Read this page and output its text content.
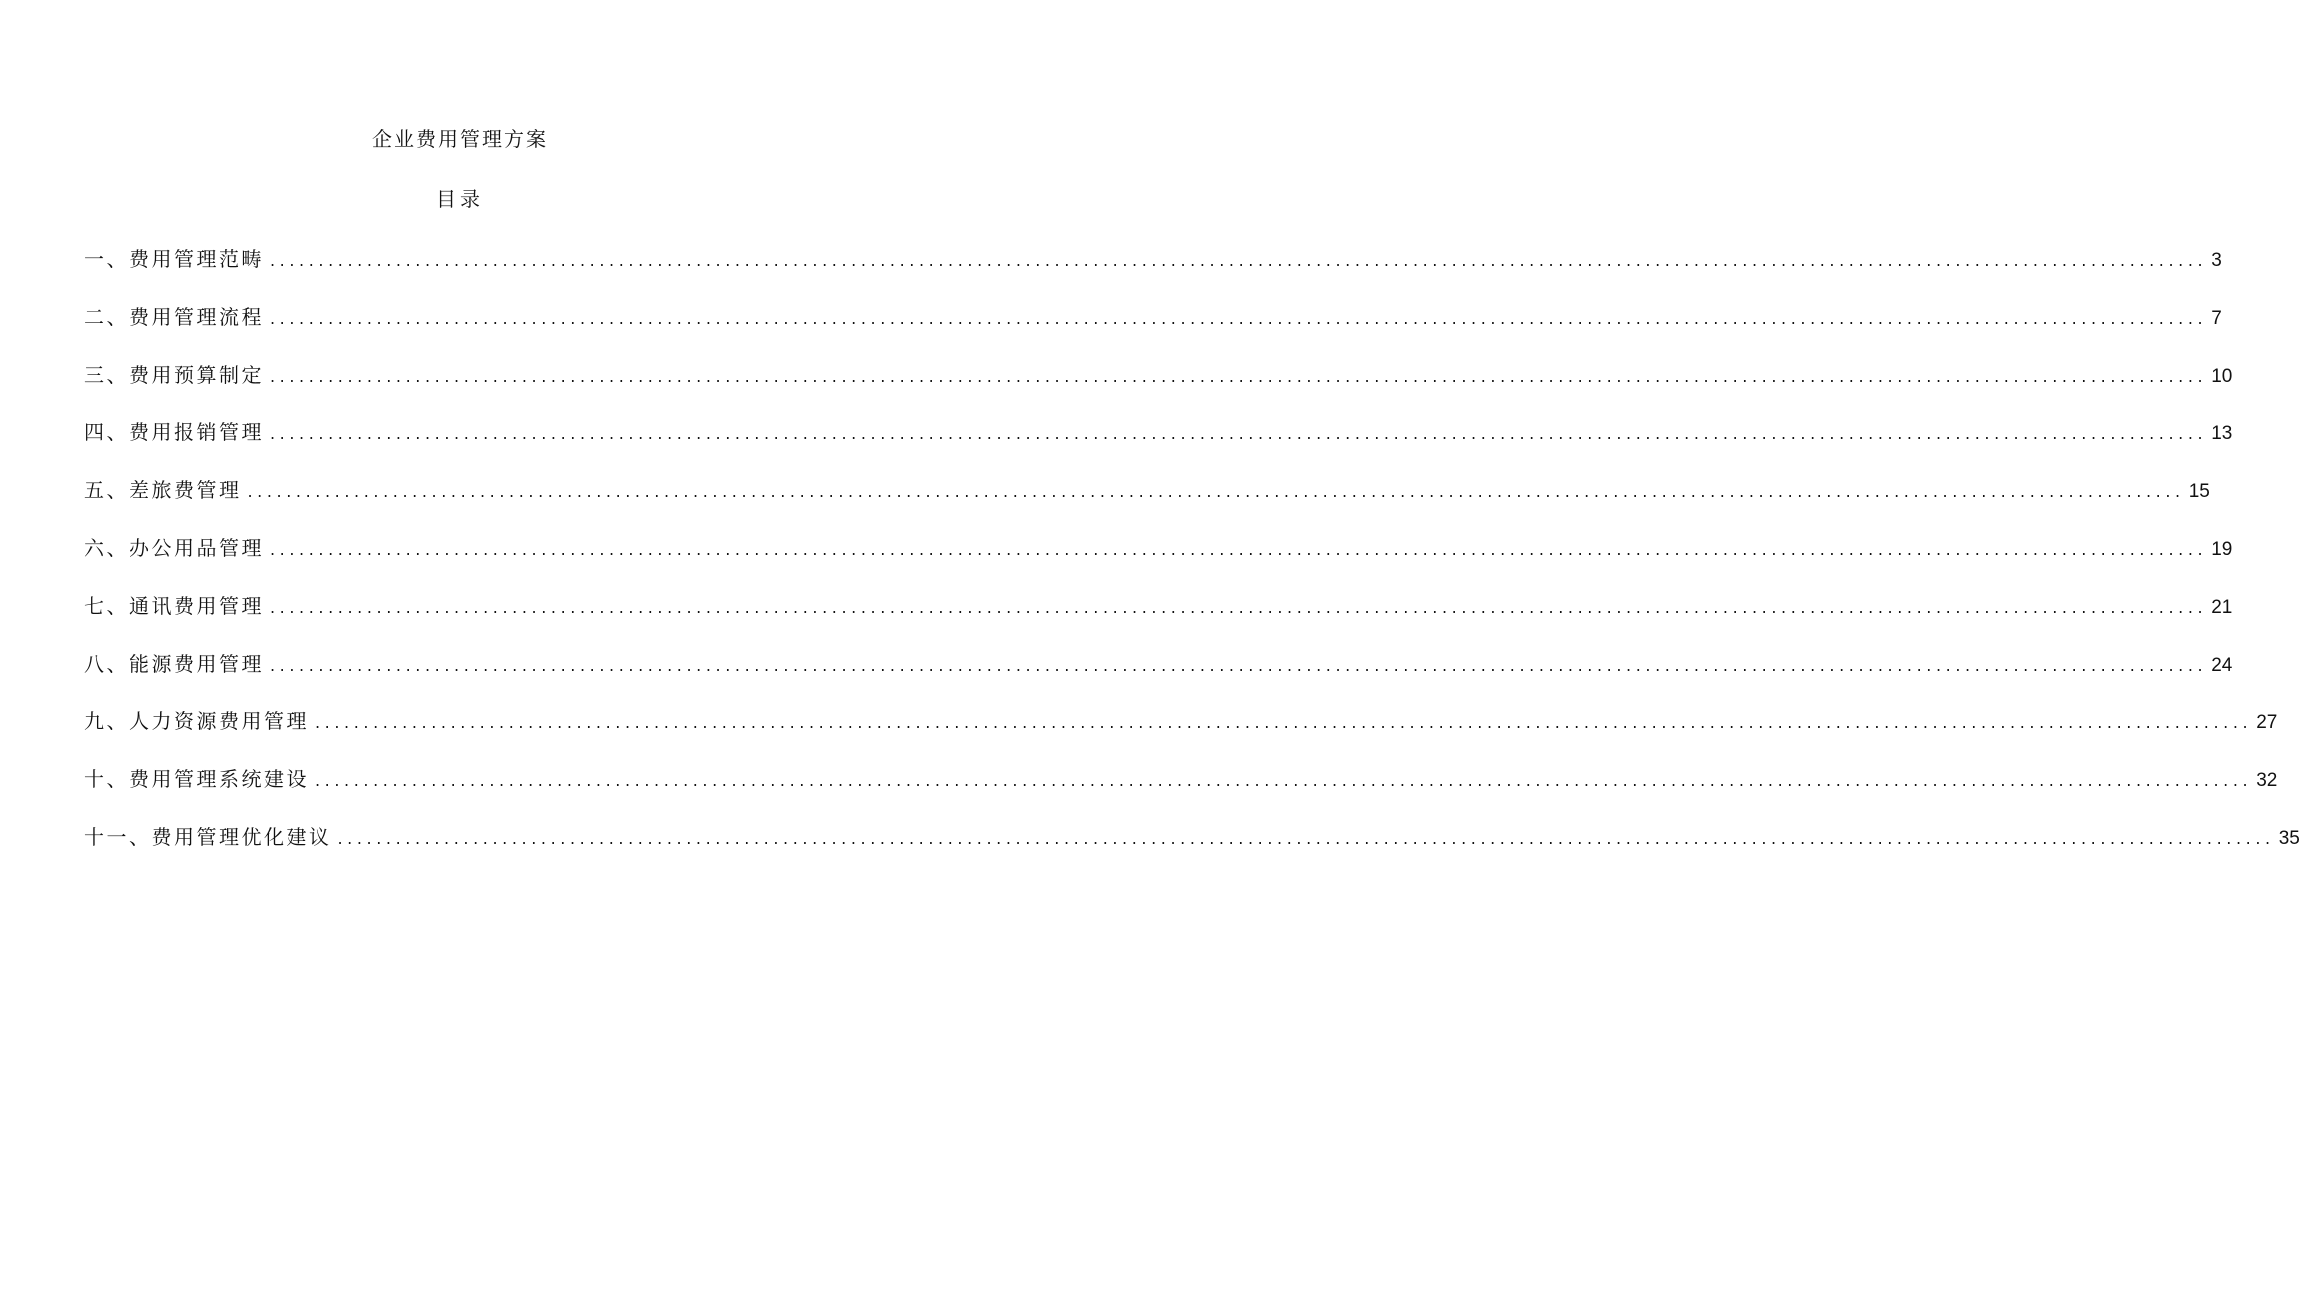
企业费用管理方案
目录
一、费用管理范畴 ........................................................................................................................................................................................................ 3
二、费用管理流程 ........................................................................................................................................................................................................ 7
三、费用预算制定 ........................................................................................................................................................................................................ 10
四、费用报销管理 ........................................................................................................................................................................................................ 13
五、差旅费管理 ........................................................................................................................................................................................................ 15
六、办公用品管理 ........................................................................................................................................................................................................ 19
七、通讯费用管理 ........................................................................................................................................................................................................ 21
八、能源费用管理 ........................................................................................................................................................................................................ 24
九、人力资源费用管理 ........................................................................................................................................................................................................ 27
十、费用管理系统建设 ........................................................................................................................................................................................................ 32
十一、费用管理优化建议 ........................................................................................................................................................................................................ 35
